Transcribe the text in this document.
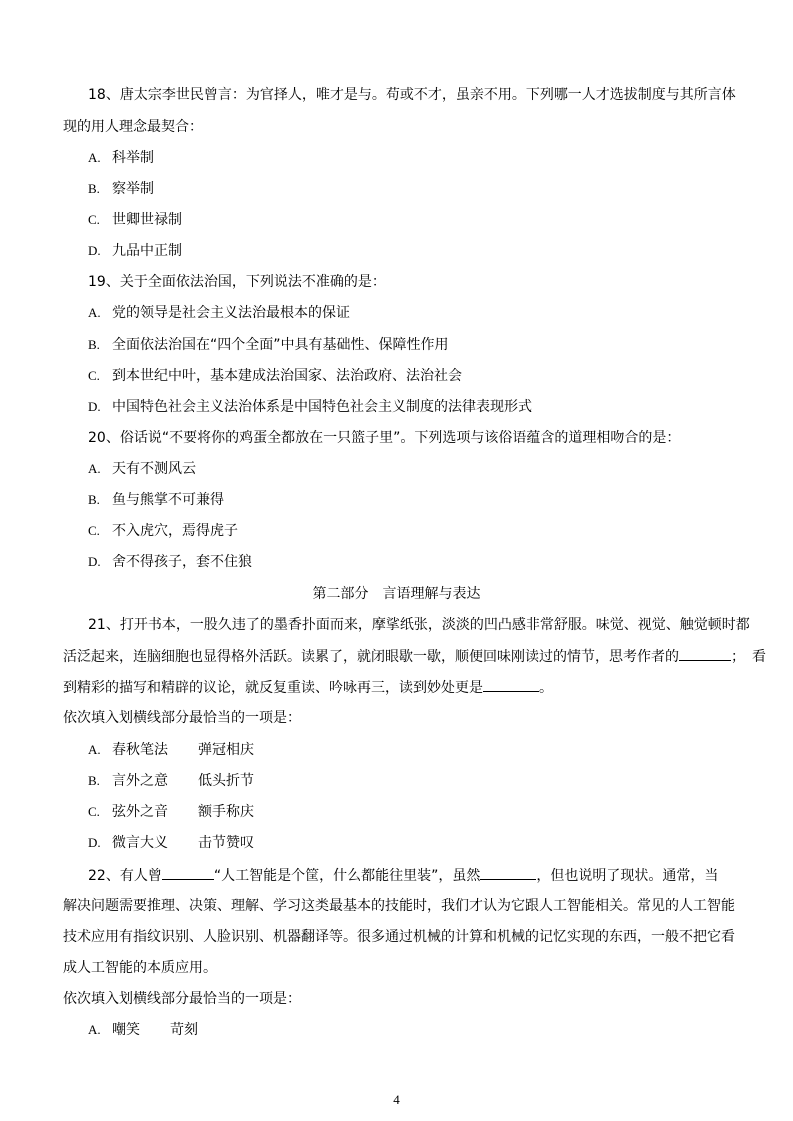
18、唐太宗李世民曾言：为官择人，唯才是与。苟或不才，虽亲不用。下列哪一人才选拔制度与其所言体
现的用人理念最契合：
A. 科举制
B. 察举制
C. 世卿世禄制
D. 九品中正制
19、关于全面依法治国，下列说法不准确的是：
A. 党的领导是社会主义法治最根本的保证
B. 全面依法治国在“四个全面”中具有基础性、保障性作用
C. 到本世纪中叶，基本建成法治国家、法治政府、法治社会
D. 中国特色社会主义法治体系是中国特色社会主义制度的法律表现形式
20、俗话说“不要将你的鸡蛋全都放在一只篮子里”。下列选项与该俗语蕴含的道理相吻合的是：
A. 天有不测风云
B. 鱼与熊掌不可兼得
C. 不入虎穴，焉得虎子
D. 舍不得孩子，套不住狼
第二部分　言语理解与表达
21、打开书本，一股久违了的墨香扑面而来，摩挲纸张，淡淡的凹凸感非常舒服。味觉、视觉、触觉顿时都
活泛起来，连脑细胞也显得格外活跃。读累了，就闭眼歇一歇，顺便回味刚读过的情节，思考作者的	；　看
到精彩的描写和精辟的议论，就反复重读、吟咏再三，读到妙处更是	。
依次填入划横线部分最恰当的一项是：
A. 春秋笔法 弹冠相庆
B. 言外之意 低头折节
C. 弦外之音 额手称庆
D. 微言大义 击节赞叹
22、有人曾	“人工智能是个筐，什么都能往里装”，虽然	，但也说明了现状。通常，当
解决问题需要推理、决策、理解、学习这类最基本的技能时，我们才认为它跟人工智能相关。常见的人工智能
技术应用有指纹识别、人脸识别、机器翻译等。很多通过机械的计算和机械的记忆实现的东西，一般不把它看
成人工智能的本质应用。
依次填入划横线部分最恰当的一项是：
A. 嘲笑 苛刻
4
